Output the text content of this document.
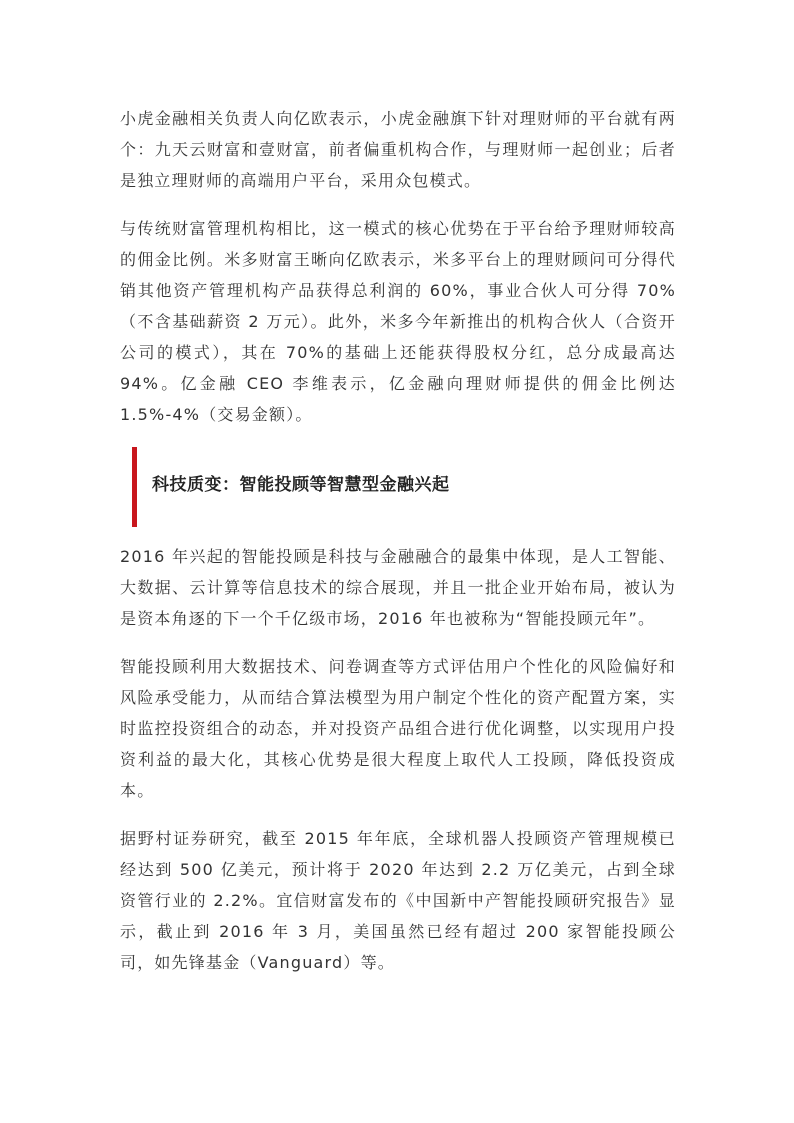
小虎金融相关负责人向亿欧表示，小虎金融旗下针对理财师的平台就有两个：九天云财富和壹财富，前者偏重机构合作，与理财师一起创业；后者是独立理财师的高端用户平台，采用众包模式。

与传统财富管理机构相比，这一模式的核心优势在于平台给予理财师较高的佣金比例。米多财富王晰向亿欧表示，米多平台上的理财顾问可分得代销其他资产管理机构产品获得总利润的 60%，事业合伙人可分得 70%（不含基础薪资 2 万元）。此外，米多今年新推出的机构合伙人（合资开公司的模式），其在 70%的基础上还能获得股权分红，总分成最高达 94%。亿金融 CEO 李维表示，亿金融向理财师提供的佣金比例达 1.5%-4%（交易金额）。

科技质变：智能投顾等智慧型金融兴起

2016 年兴起的智能投顾是科技与金融融合的最集中体现，是人工智能、大数据、云计算等信息技术的综合展现，并且一批企业开始布局，被认为是资本角逐的下一个千亿级市场，2016 年也被称为“智能投顾元年”。

智能投顾利用大数据技术、问卷调查等方式评估用户个性化的风险偏好和风险承受能力，从而结合算法模型为用户制定个性化的资产配置方案，实时监控投资组合的动态，并对投资产品组合进行优化调整，以实现用户投资利益的最大化，其核心优势是很大程度上取代人工投顾，降低投资成本。

据野村证券研究，截至 2015 年年底，全球机器人投顾资产管理规模已经达到 500 亿美元，预计将于 2020 年达到 2.2 万亿美元，占到全球资管行业的 2.2%。宜信财富发布的《中国新中产智能投顾研究报告》显示，截止到 2016 年 3 月，美国虽然已经有超过 200 家智能投顾公司，如先锋基金（Vanguard）等。
